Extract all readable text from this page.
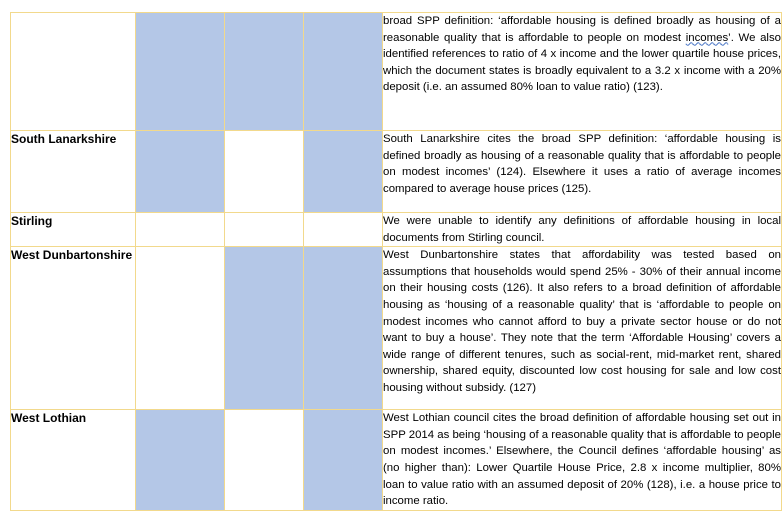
				broad SPP definition: ‘affordable housing is defined broadly as housing of a reasonable quality that is affordable to people on modest incomes’. We also identified references to ratio of 4 x income and the lower quartile house prices, which the document states is broadly equivalent to a 3.2 x income with a 20% deposit (i.e. an assumed 80% loan to value ratio) (123).
South Lanarkshire				South Lanarkshire cites the broad SPP definition: ‘affordable housing is defined broadly as housing of a reasonable quality that is affordable to people on modest incomes’ (124). Elsewhere it uses a ratio of average incomes compared to average house prices (125).
Stirling				We were unable to identify any definitions of affordable housing in local documents from Stirling council.
West Dunbartonshire				West Dunbartonshire states that affordability was tested based on assumptions that households would spend 25% - 30% of their annual income on their housing costs (126). It also refers to a broad definition of affordable housing as ‘housing of a reasonable quality’ that is ‘affordable to people on modest incomes who cannot afford to buy a private sector house or do not want to buy a house’. They note that the term ‘Affordable Housing’ covers a wide range of different tenures, such as social-rent, mid-market rent, shared ownership, shared equity, discounted low cost housing for sale and low cost housing without subsidy. (127)
West Lothian				West Lothian council cites the broad definition of affordable housing set out in SPP 2014 as being ‘housing of a reasonable quality that is affordable to people on modest incomes.’ Elsewhere, the Council defines ‘affordable housing’ as (no higher than): Lower Quartile House Price, 2.8 x income multiplier, 80% loan to value ratio with an assumed deposit of 20% (128), i.e. a house price to income ratio.
